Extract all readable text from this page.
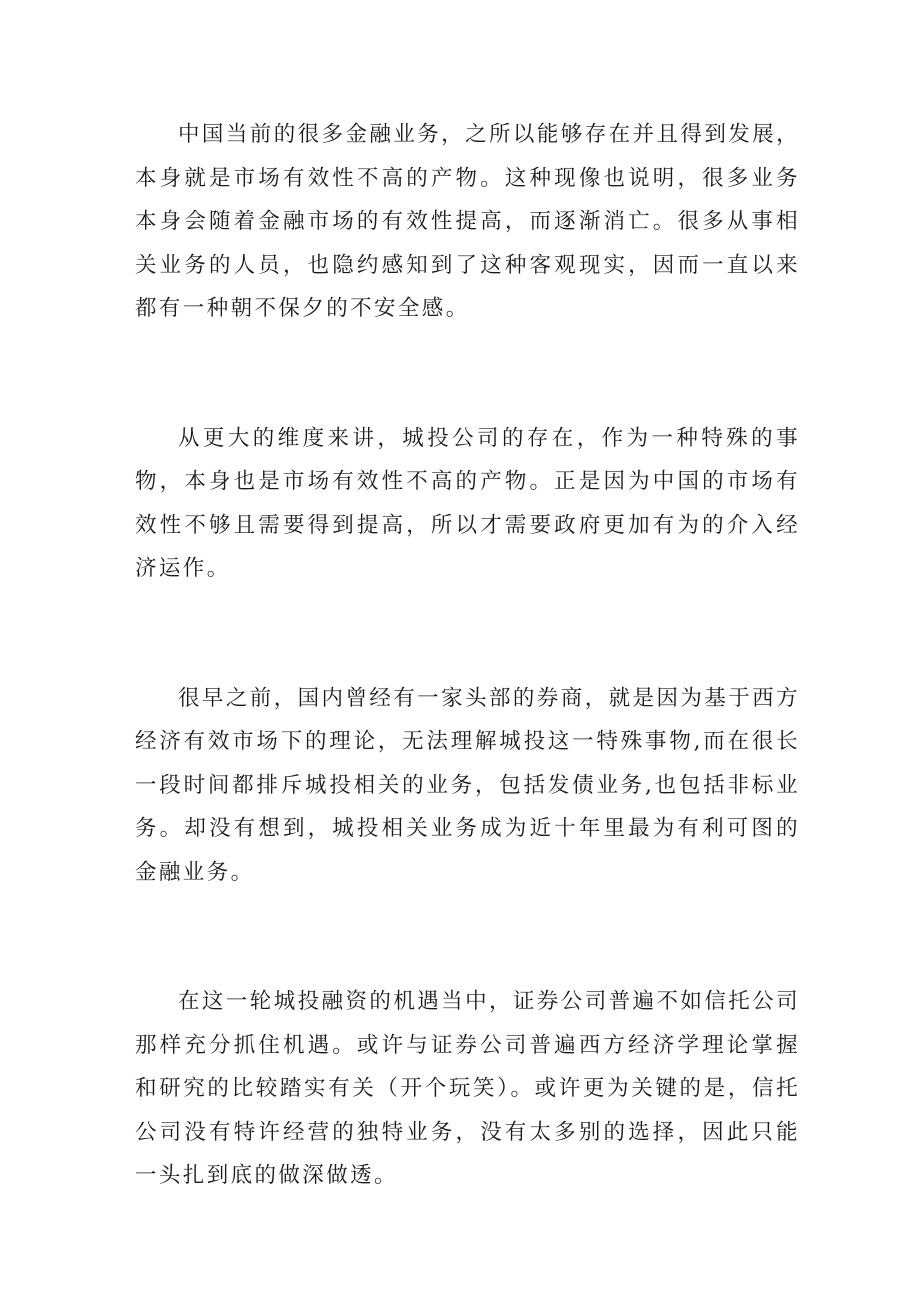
中国当前的很多金融业务，之所以能够存在并且得到发展，本身就是市场有效性不高的产物。这种现像也说明，很多业务本身会随着金融市场的有效性提高，而逐渐消亡。很多从事相关业务的人员，也隐约感知到了这种客观现实，因而一直以来都有一种朝不保夕的不安全感。

从更大的维度来讲，城投公司的存在，作为一种特殊的事物，本身也是市场有效性不高的产物。正是因为中国的市场有效性不够且需要得到提高，所以才需要政府更加有为的介入经济运作。

很早之前，国内曾经有一家头部的券商，就是因为基于西方经济有效市场下的理论，无法理解城投这一特殊事物,而在很长一段时间都排斥城投相关的业务，包括发债业务,也包括非标业务。却没有想到，城投相关业务成为近十年里最为有利可图的金融业务。

在这一轮城投融资的机遇当中，证券公司普遍不如信托公司那样充分抓住机遇。或许与证券公司普遍西方经济学理论掌握和研究的比较踏实有关（开个玩笑）。或许更为关键的是，信托公司没有特许经营的独特业务，没有太多别的选择，因此只能一头扎到底的做深做透。
